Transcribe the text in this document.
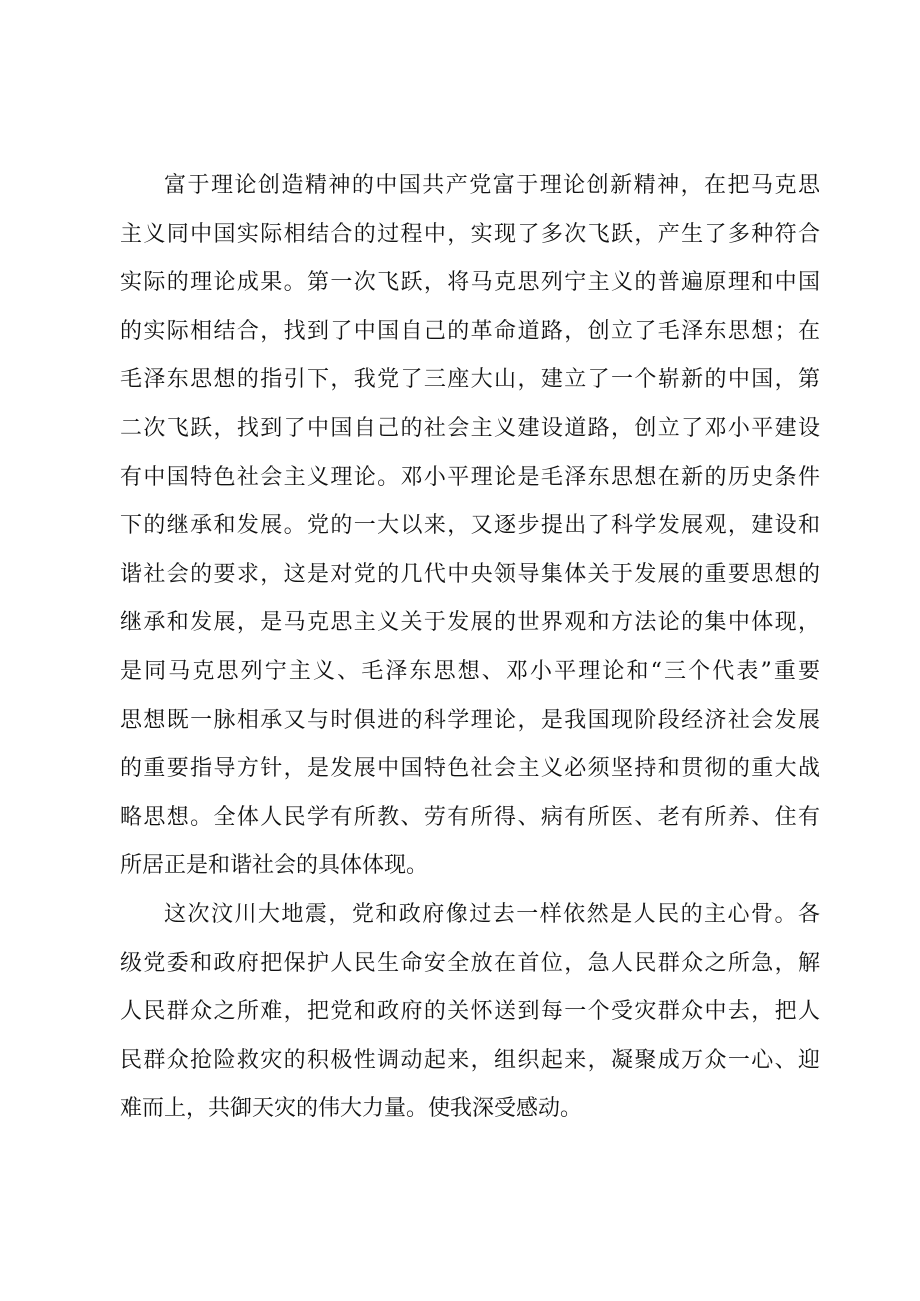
富于理论创造精神的中国共产党富于理论创新精神，在把马克思
主义同中国实际相结合的过程中，实现了多次飞跃，产生了多种符合
实际的理论成果。第一次飞跃，将马克思列宁主义的普遍原理和中国
的实际相结合，找到了中国自己的革命道路，创立了毛泽东思想；在
毛泽东思想的指引下，我党了三座大山，建立了一个崭新的中国，第
二次飞跃，找到了中国自己的社会主义建设道路，创立了邓小平建设
有中国特色社会主义理论。邓小平理论是毛泽东思想在新的历史条件
下的继承和发展。党的一大以来，又逐步提出了科学发展观，建设和
谐社会的要求，这是对党的几代中央领导集体关于发展的重要思想的
继承和发展，是马克思主义关于发展的世界观和方法论的集中体现，
是同马克思列宁主义、毛泽东思想、邓小平理论和“三个代表”重要
思想既一脉相承又与时俱进的科学理论，是我国现阶段经济社会发展
的重要指导方针，是发展中国特色社会主义必须坚持和贯彻的重大战
略思想。全体人民学有所教、劳有所得、病有所医、老有所养、住有
所居正是和谐社会的具体体现。
这次汶川大地震，党和政府像过去一样依然是人民的主心骨。各
级党委和政府把保护人民生命安全放在首位，急人民群众之所急，解
人民群众之所难，把党和政府的关怀送到每一个受灾群众中去，把人
民群众抢险救灾的积极性调动起来，组织起来，凝聚成万众一心、迎
难而上，共御天灾的伟大力量。使我深受感动。
